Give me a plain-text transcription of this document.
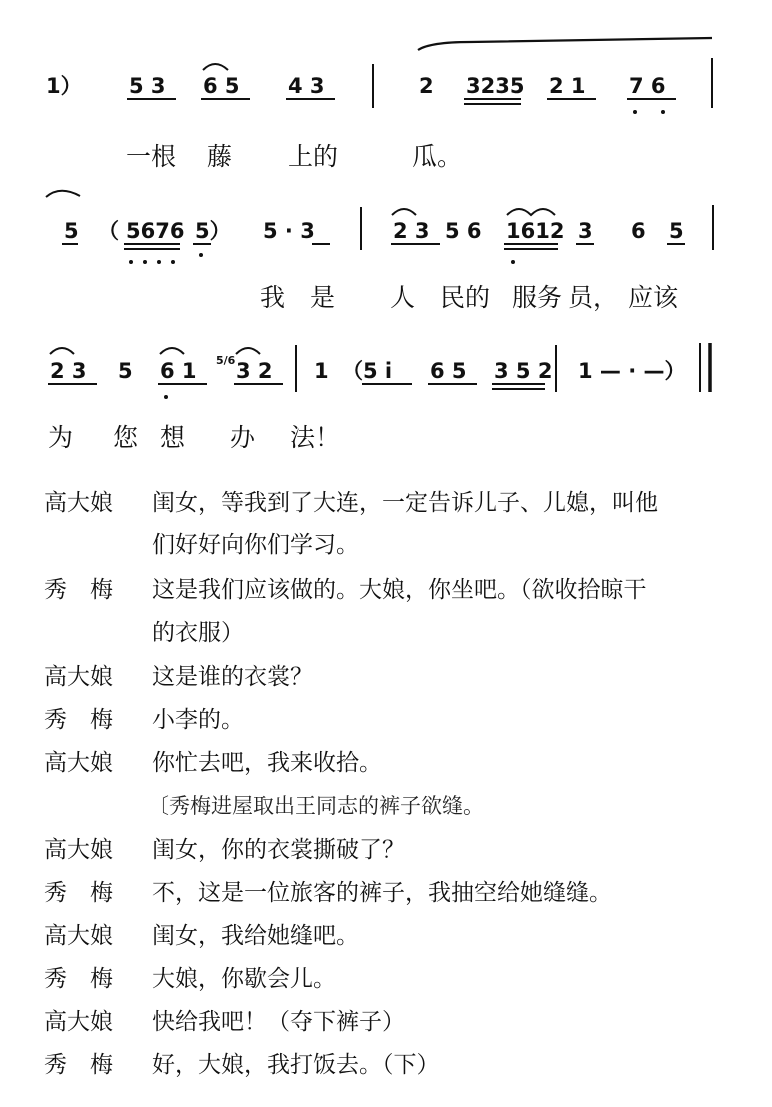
1） 5 3 6 5 4 3	2 3235 2 1 7 6
一根 藤 上的	瓜。
5 （ 5676 5） 5 · 3	2 3 5 6 1612 3 6 5
我 是 人 民的 服务 员， 应该
2 3 5 6 1 5/6 3 2 1 （5 i 6 5 3 5 2 1 — · —）
为 您 想 办 法！
高大娘	闺女，等我到了大连，一定告诉儿子、儿媳，叫他
们好好向你们学习。
秀　梅	这是我们应该做的。大娘，你坐吧。（欲收拾晾干
的衣服）
高大娘	这是谁的衣裳？
秀　梅	小李的。
高大娘	你忙去吧，我来收拾。
〔秀梅进屋取出王同志的裤子欲缝。
高大娘	闺女，你的衣裳撕破了？
秀　梅	不，这是一位旅客的裤子，我抽空给她缝缝。
高大娘	闺女，我给她缝吧。
秀　梅	大娘，你歇会儿。
高大娘	快给我吧！（夺下裤子）
秀　梅	好，大娘，我打饭去。（下）
